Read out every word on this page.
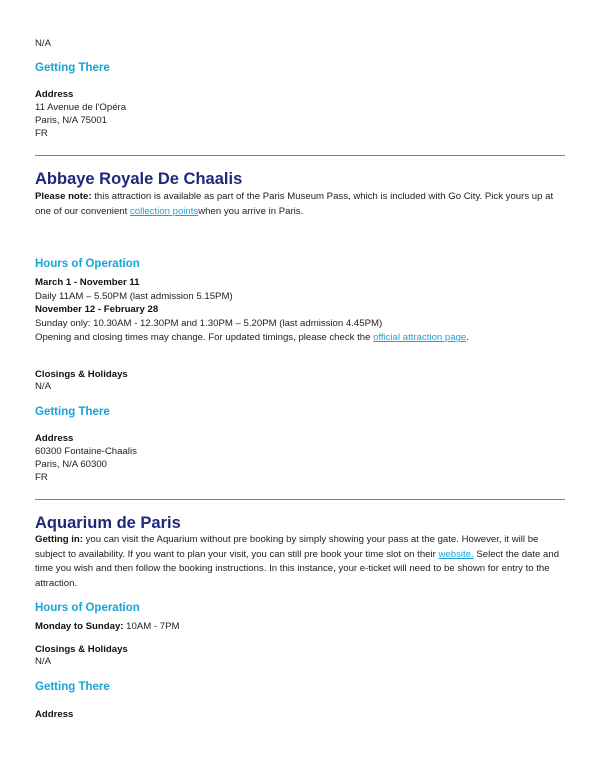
N/A
Getting There
Address
11 Avenue de l'Opéra
Paris, N/A 75001
FR
Abbaye Royale De Chaalis
Please note: this attraction is available as part of the Paris Museum Pass, which is included with Go City. Pick yours up at one of our convenient collection pointswhen you arrive in Paris.
Hours of Operation
March 1 - November 11
Daily 11AM – 5.50PM (last admission 5.15PM)
November 12 - February 28
Sunday only: 10.30AM - 12.30PM and 1.30PM – 5.20PM (last admission 4.45PM)
Opening and closing times may change. For updated timings, please check the official attraction page.
Closings & Holidays
N/A
Getting There
Address
60300 Fontaine-Chaalis
Paris, N/A 60300
FR
Aquarium de Paris
Getting in: you can visit the Aquarium without pre booking by simply showing your pass at the gate. However, it will be subject to availability. If you want to plan your visit, you can still pre book your time slot on their website. Select the date and time you wish and then follow the booking instructions. In this instance, your e-ticket will need to be shown for entry to the attraction.
Hours of Operation
Monday to Sunday: 10AM - 7PM
Closings & Holidays
N/A
Getting There
Address
